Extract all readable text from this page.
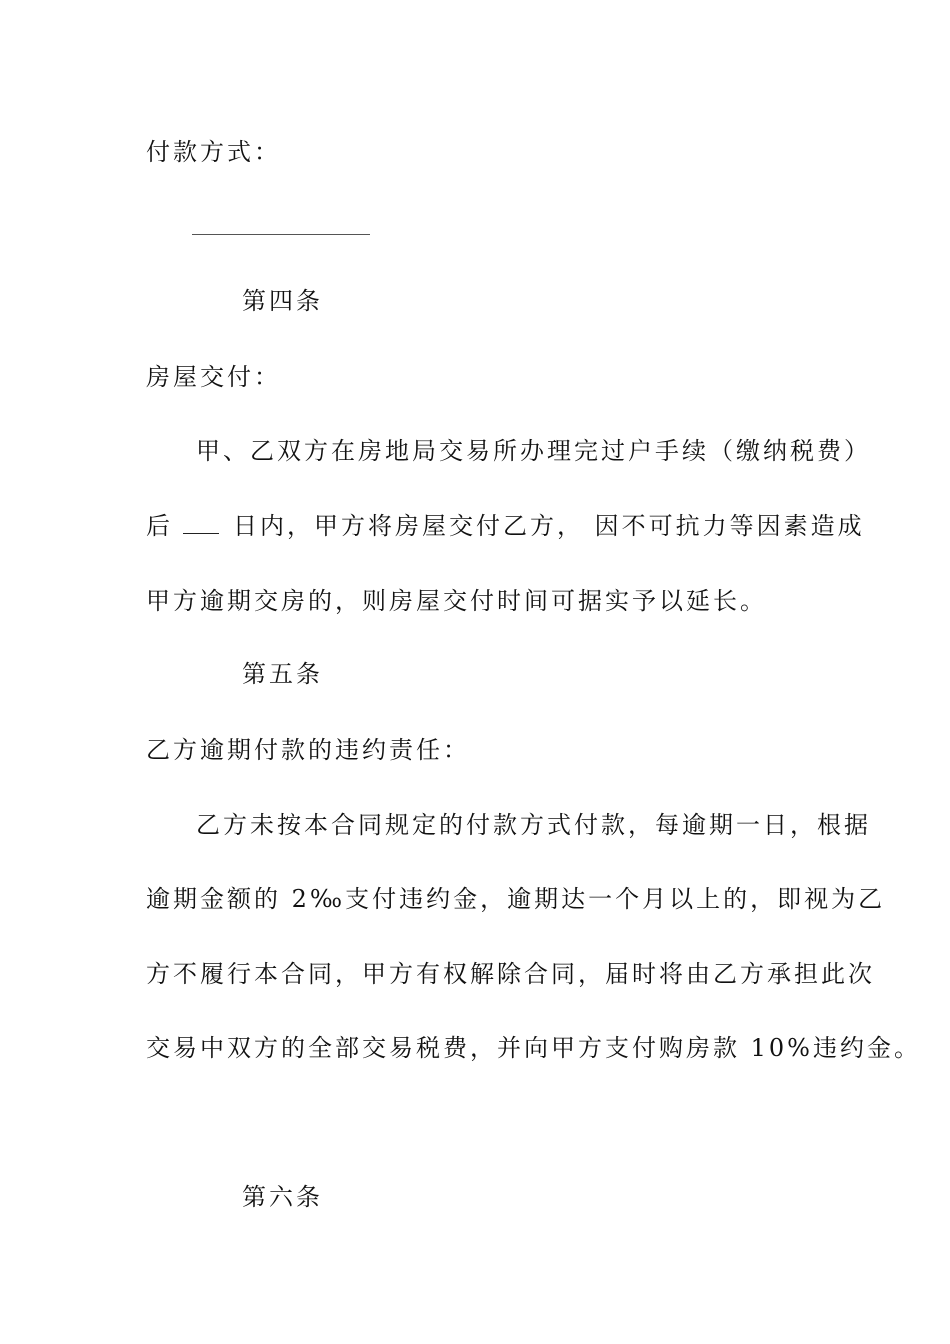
付款方式：
第四条
房屋交付：
甲、乙双方在房地局交易所办理完过户手续（缴纳税费）
后	日内，甲方将房屋交付乙方， 因不可抗力等因素造成
甲方逾期交房的，则房屋交付时间可据实予以延长。
第五条
乙方逾期付款的违约责任：
乙方未按本合同规定的付款方式付款，每逾期一日，根据
逾期金额的 2‰支付违约金，逾期达一个月以上的，即视为乙
方不履行本合同，甲方有权解除合同，届时将由乙方承担此次
交易中双方的全部交易税费，并向甲方支付购房款 10%违约金。
第六条
